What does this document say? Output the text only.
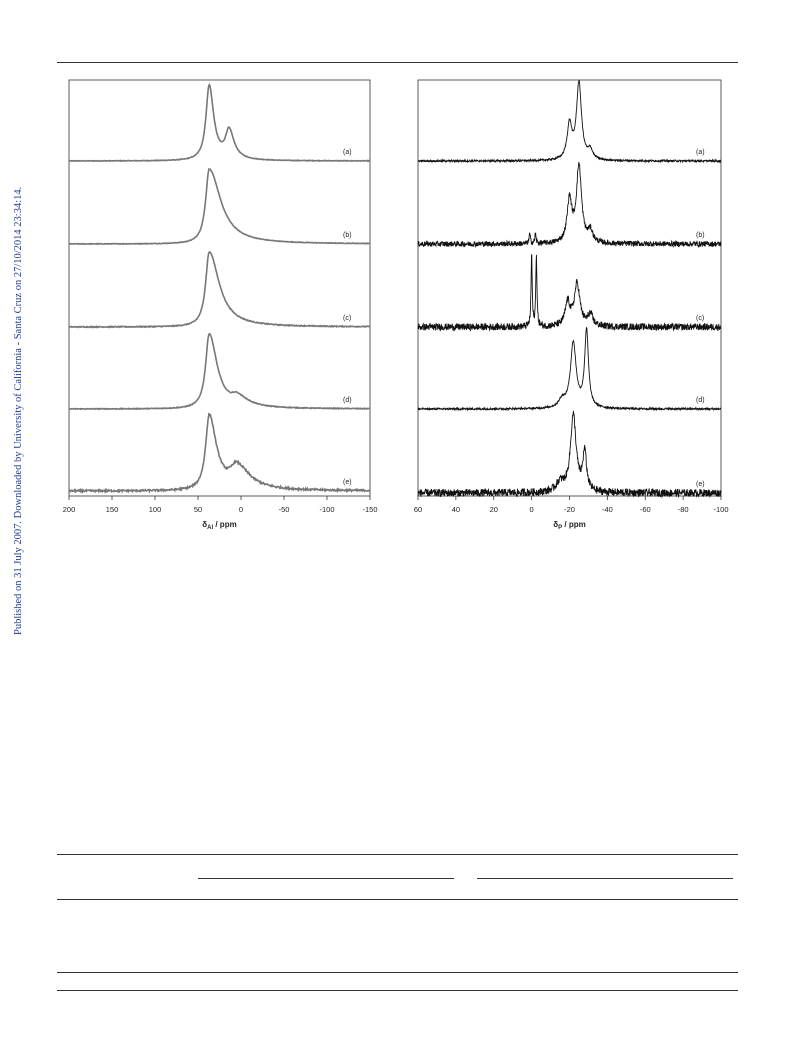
Published on 31 July 2007. Downloaded by University of California - Santa Cruz on 27/10/2014 23:34:14.
(a)
(b)
(c)
(d)
(e)
200	150	100	50	0	-50	-100	-150
$\delta_{Al}$ / ppm
(a)
(b)
(c)
(d)
(e)
60	40	20	0	-20	-40	-60	-80	-100
$\delta_P$ / ppm
